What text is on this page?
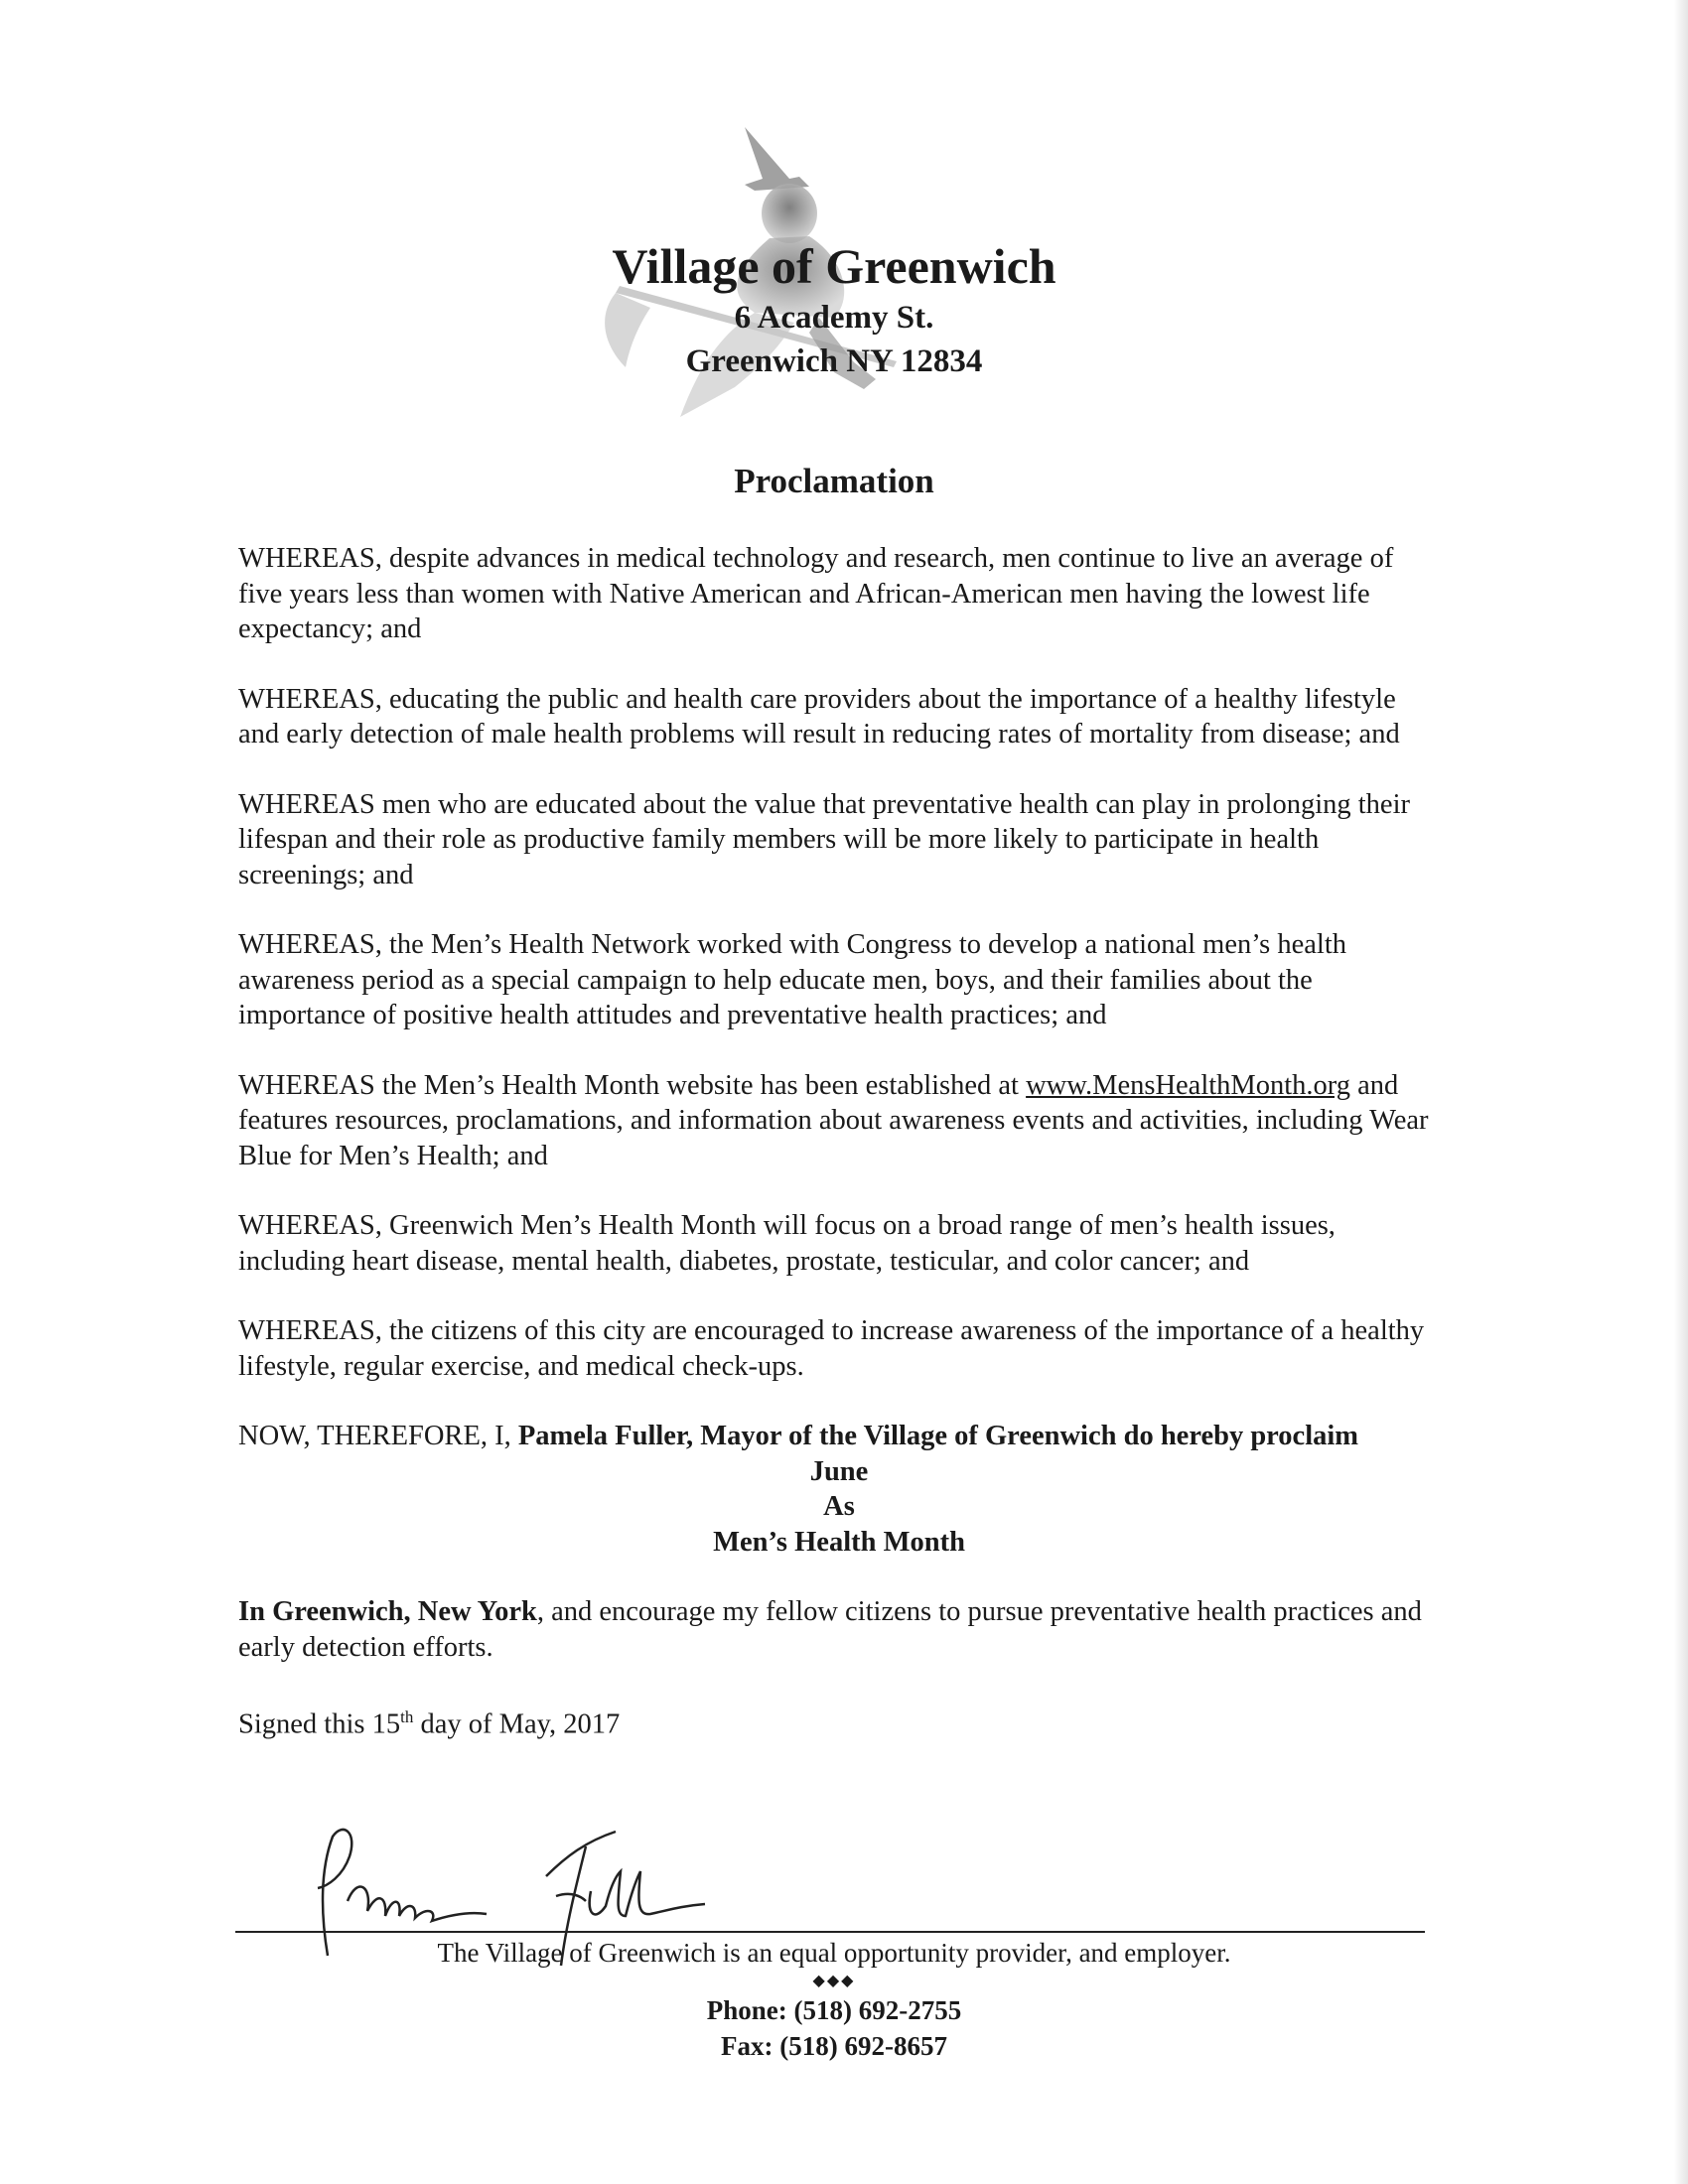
Village of Greenwich
6 Academy St.
Greenwich NY 12834
Proclamation

WHEREAS, despite advances in medical technology and research, men continue to live an average of five years less than women with Native American and African-American men having the lowest life expectancy; and

WHEREAS, educating the public and health care providers about the importance of a healthy lifestyle and early detection of male health problems will result in reducing rates of mortality from disease; and

WHEREAS men who are educated about the value that preventative health can play in prolonging their lifespan and their role as productive family members will be more likely to participate in health screenings; and

WHEREAS, the Men’s Health Network worked with Congress to develop a national men’s health awareness period as a special campaign to help educate men, boys, and their families about the importance of positive health attitudes and preventative health practices; and

WHEREAS the Men’s Health Month website has been established at www.MensHealthMonth.org and features resources, proclamations, and information about awareness events and activities, including Wear Blue for Men’s Health; and

WHEREAS, Greenwich Men’s Health Month will focus on a broad range of men’s health issues, including heart disease, mental health, diabetes, prostate, testicular, and color cancer; and

WHEREAS, the citizens of this city are encouraged to increase awareness of the importance of a healthy lifestyle, regular exercise, and medical check-ups.

NOW, THEREFORE, I, Pamela Fuller, Mayor of the Village of Greenwich do hereby proclaim

June
As
Men’s Health Month

In Greenwich, New York, and encourage my fellow citizens to pursue preventative health practices and early detection efforts.

Signed this 15th day of May, 2017

The Village of Greenwich is an equal opportunity provider, and employer.
◆◆◆
Phone: (518) 692-2755
Fax: (518) 692-8657
